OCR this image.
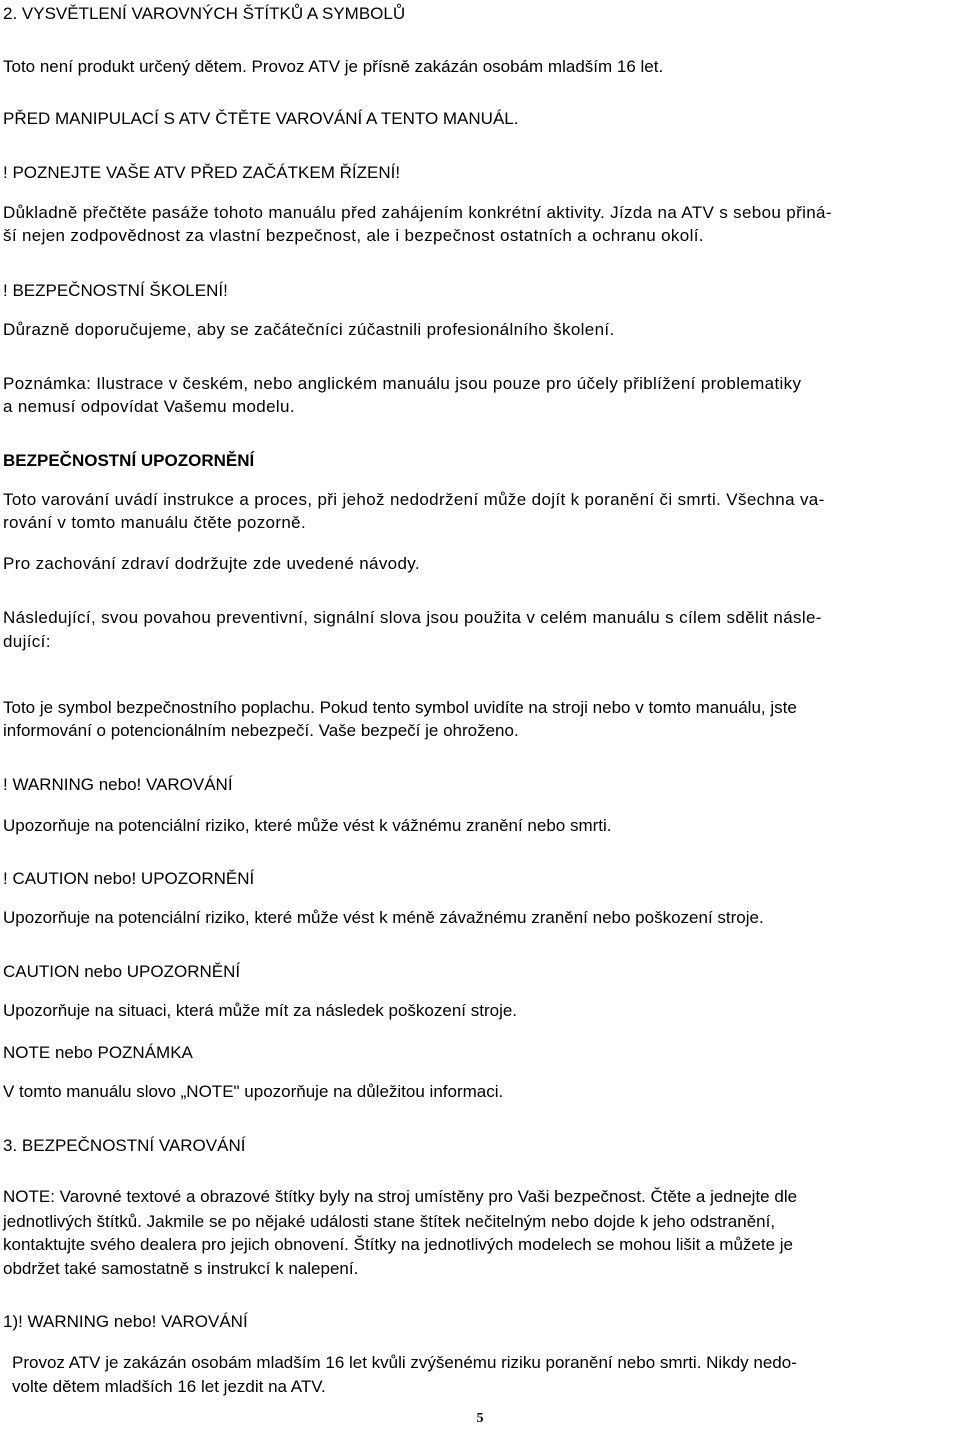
2. VYSVĚTLENÍ VAROVNÝCH ŠTÍTKŮ A SYMBOLŮ

Toto není produkt určený dětem. Provoz ATV je přísně zakázán osobám mladším 16 let.

PŘED MANIPULACÍ S ATV ČTĚTE VAROVÁNÍ A TENTO MANUÁL.

! POZNEJTE VAŠE ATV PŘED ZAČÁTKEM ŘÍZENÍ!

Důkladně přečtěte pasáže tohoto manuálu před zahájením konkrétní aktivity. Jízda na ATV s sebou přiná-

ší nejen zodpovědnost za vlastní bezpečnost, ale i bezpečnost ostatních a ochranu okolí.

! BEZPEČNOSTNÍ ŠKOLENÍ!

Důrazně doporučujeme, aby se začátečníci zúčastnili profesionálního školení.

Poznámka: Ilustrace v českém, nebo anglickém manuálu jsou pouze pro účely přiblížení problematiky

a nemusí odpovídat Vašemu modelu.

BEZPEČNOSTNÍ UPOZORNĚNÍ

Toto varování uvádí instrukce a proces, při jehož nedodržení může dojít k poranění či smrti. Všechna va-

rování v tomto manuálu čtěte pozorně.

Pro zachování zdraví dodržujte zde uvedené návody.

Následující, svou povahou preventivní, signální slova jsou použita v celém manuálu s cílem sdělit násle-

dující:

Toto je symbol bezpečnostního poplachu. Pokud tento symbol uvidíte na stroji nebo v tomto manuálu, jste

informování o potencionálním nebezpečí. Vaše bezpečí je ohroženo.

! WARNING nebo! VAROVÁNÍ

Upozorňuje na potenciální riziko, které může vést k vážnému zranění nebo smrti.

! CAUTION nebo! UPOZORNĚNÍ

Upozorňuje na potenciální riziko, které může vést k méně závažnému zranění nebo poškození stroje.

CAUTION nebo UPOZORNĚNÍ

Upozorňuje na situaci, která může mít za následek poškození stroje.

NOTE nebo POZNÁMKA

V tomto manuálu slovo „NOTE" upozorňuje na důležitou informaci.

3. BEZPEČNOSTNÍ VAROVÁNÍ

NOTE: Varovné textové a obrazové štítky byly na stroj umístěny pro Vaši bezpečnost. Čtěte a jednejte dle

jednotlivých štítků. Jakmile se po nějaké události stane štítek nečitelným nebo dojde k jeho odstranění,

kontaktujte svého dealera pro jejich obnovení. Štítky na jednotlivých modelech se mohou lišit a můžete je

obdržet také samostatně s instrukcí k nalepení.

1)! WARNING nebo! VAROVÁNÍ

Provoz ATV je zakázán osobám mladším 16 let kvůli zvýšenému riziku poranění nebo smrti. Nikdy nedo-

volte dětem mladších 16 let jezdit na ATV.

5
